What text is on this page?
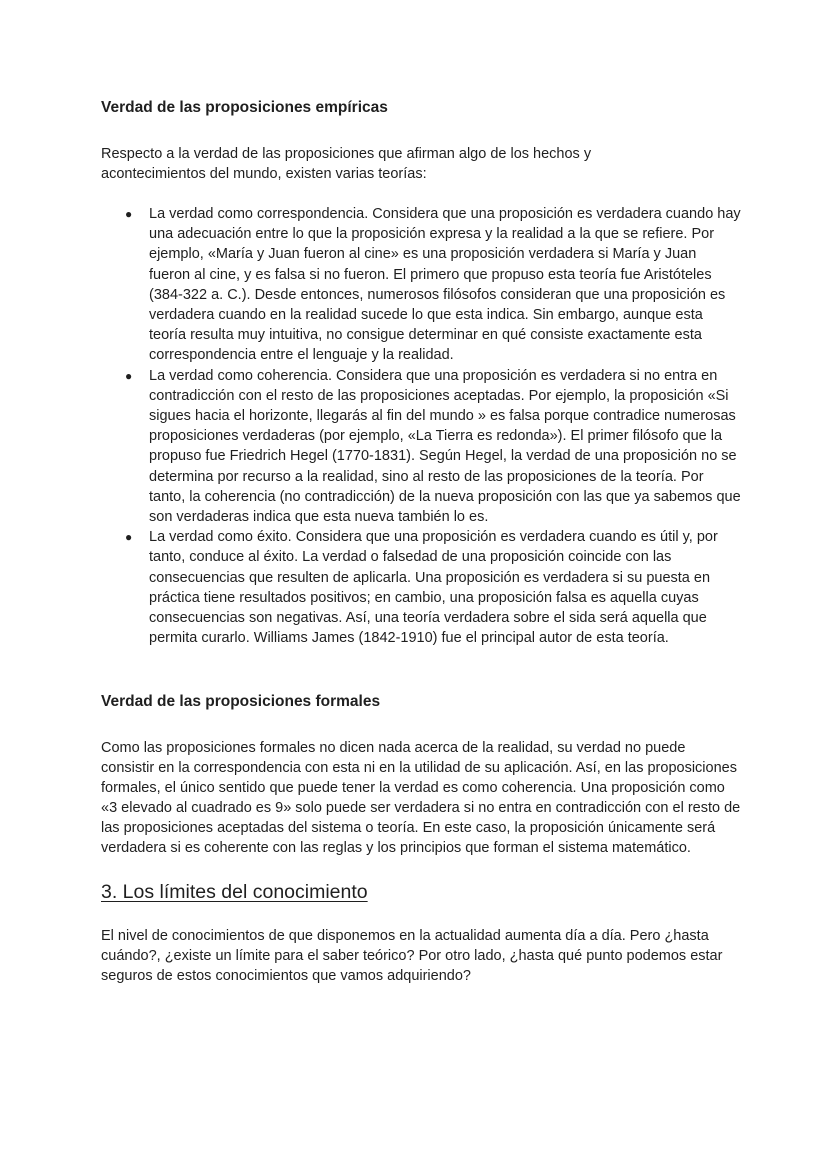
Verdad de las proposiciones empíricas

Respecto a la verdad de las proposiciones que afirman algo de los hechos y acontecimientos del mundo, existen varias teorías:

● La verdad como correspondencia. Considera que una proposición es verdadera cuando hay una adecuación entre lo que la proposición expresa y la realidad a la que se refiere. Por ejemplo, «María y Juan fueron al cine» es una proposición verdadera si María y Juan fueron al cine, y es falsa si no fueron. El primero que propuso esta teoría fue Aristóteles (384-322 a. C.). Desde entonces, numerosos filósofos consideran que una proposición es verdadera cuando en la realidad sucede lo que esta indica. Sin embargo, aunque esta teoría resulta muy intuitiva, no consigue determinar en qué consiste exactamente esta correspondencia entre el lenguaje y la realidad.
● La verdad como coherencia. Considera que una proposición es verdadera si no entra en contradicción con el resto de las proposiciones aceptadas. Por ejemplo, la proposición «Si sigues hacia el horizonte, llegarás al fin del mundo » es falsa porque contradice numerosas proposiciones verdaderas (por ejemplo, «La Tierra es redonda»). El primer filósofo que la propuso fue Friedrich Hegel (1770-1831). Según Hegel, la verdad de una proposición no se determina por recurso a la realidad, sino al resto de las proposiciones de la teoría. Por tanto, la coherencia (no contradicción) de la nueva proposición con las que ya sabemos que son verdaderas indica que esta nueva también lo es.
● La verdad como éxito. Considera que una proposición es verdadera cuando es útil y, por tanto, conduce al éxito. La verdad o falsedad de una proposición coincide con las consecuencias que resulten de aplicarla. Una proposición es verdadera si su puesta en práctica tiene resultados positivos; en cambio, una proposición falsa es aquella cuyas consecuencias son negativas. Así, una teoría verdadera sobre el sida será aquella que permita curarlo. Williams James (1842-1910) fue el principal autor de esta teoría.
Verdad de las proposiciones formales

Como las proposiciones formales no dicen nada acerca de la realidad, su verdad no puede consistir en la correspondencia con esta ni en la utilidad de su aplicación. Así, en las proposiciones formales, el único sentido que puede tener la verdad es como coherencia. Una proposición como «3 elevado al cuadrado es 9» solo puede ser verdadera si no entra en contradicción con el resto de las proposiciones aceptadas del sistema o teoría. En este caso, la proposición únicamente será verdadera si es coherente con las reglas y los principios que forman el sistema matemático.

3. Los límites del conocimiento

El nivel de conocimientos de que disponemos en la actualidad aumenta día a día. Pero ¿hasta cuándo?, ¿existe un límite para el saber teórico? Por otro lado, ¿hasta qué punto podemos estar seguros de estos conocimientos que vamos adquiriendo?
